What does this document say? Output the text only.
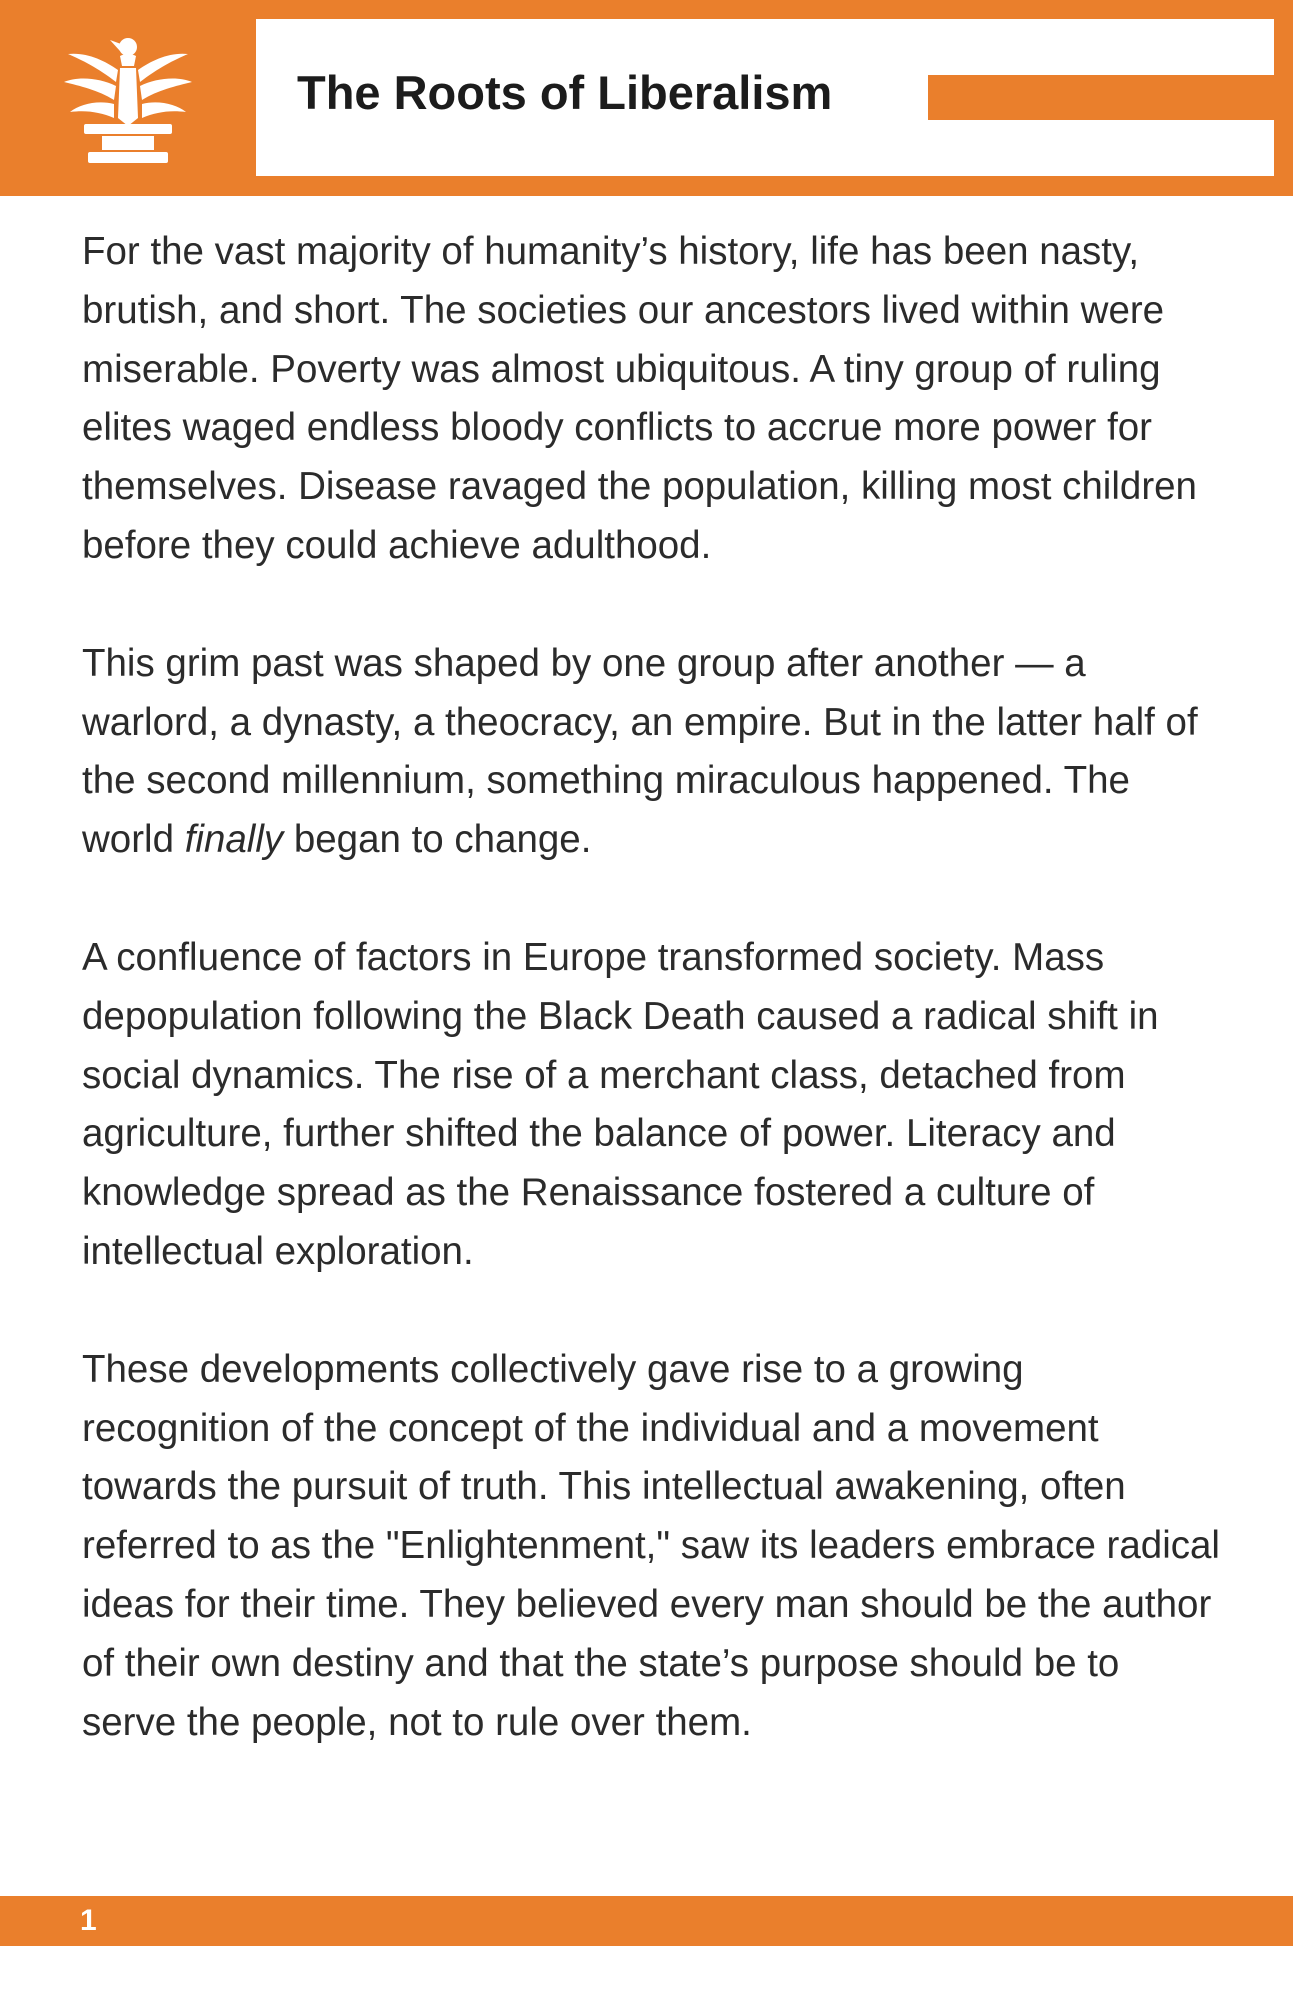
The Roots of Liberalism

For the vast majority of humanity’s history, life has been nasty, brutish, and short. The societies our ancestors lived within were miserable. Poverty was almost ubiquitous. A tiny group of ruling elites waged endless bloody conflicts to accrue more power for themselves. Disease ravaged the population, killing most children before they could achieve adulthood.

This grim past was shaped by one group after another — a warlord, a dynasty, a theocracy, an empire. But in the latter half of the second millennium, something miraculous happened. The world finally began to change.

A confluence of factors in Europe transformed society. Mass depopulation following the Black Death caused a radical shift in social dynamics. The rise of a merchant class, detached from agriculture, further shifted the balance of power. Literacy and knowledge spread as the Renaissance fostered a culture of intellectual exploration.

These developments collectively gave rise to a growing recognition of the concept of the individual and a movement towards the pursuit of truth. This intellectual awakening, often referred to as the "Enlightenment," saw its leaders embrace radical ideas for their time. They believed every man should be the author of their own destiny and that the state’s purpose should be to serve the people, not to rule over them.

1
